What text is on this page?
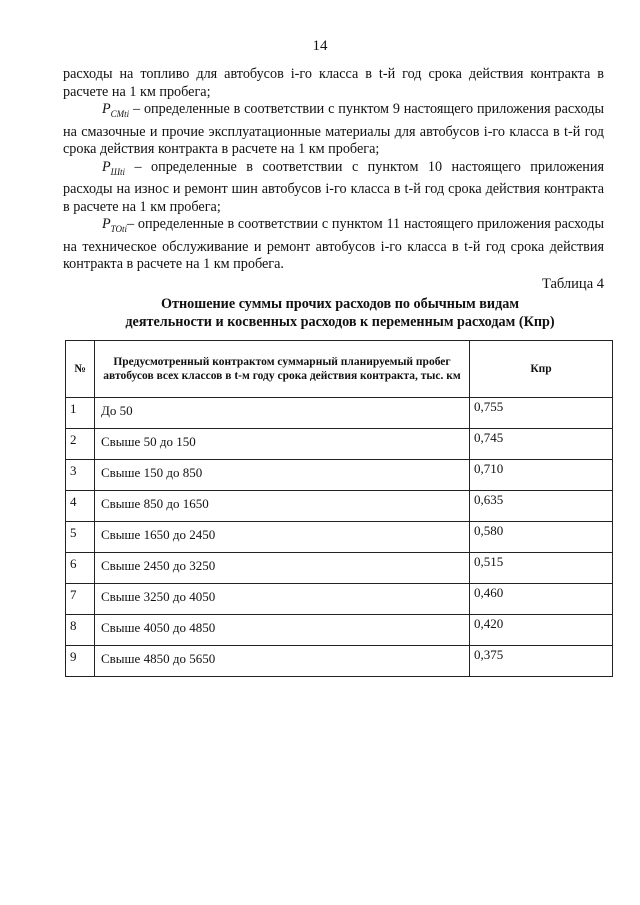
14

расходы на топливо для автобусов i-го класса в t-й год срока действия контракта в расчете на 1 км пробега;

$P_{СМti}$ – определенные в соответствии с пунктом 9 настоящего приложения расходы на смазочные и прочие эксплуатационные материалы для автобусов i-го класса в t-й год срока действия контракта в расчете на 1 км пробега;

$P_{Шti}$ – определенные в соответствии с пунктом 10 настоящего приложения расходы на износ и ремонт шин автобусов i-го класса в t-й год срока действия контракта в расчете на 1 км пробега;

$P_{TOti}-$ определенные в соответствии с пунктом 11 настоящего приложения расходы на техническое обслуживание и ремонт автобусов i-го класса в t-й год срока действия контракта в расчете на 1 км пробега.

Таблица 4
Отношение суммы прочих расходов по обычным видам
деятельности и косвенных расходов к переменным расходам (Кпр)
№	Предусмотренный контрактом суммарный планируемый пробег автобусов всех классов в t-м году срока действия контракта, тыс. км	Кпр
1	До 50	0,755
2	Свыше 50 до 150	0,745
3	Свыше 150 до 850	0,710
4	Свыше 850 до 1650	0,635
5	Свыше 1650 до 2450	0,580
6	Свыше 2450 до 3250	0,515
7	Свыше 3250 до 4050	0,460
8	Свыше 4050 до 4850	0,420
9	Свыше 4850 до 5650	0,375
